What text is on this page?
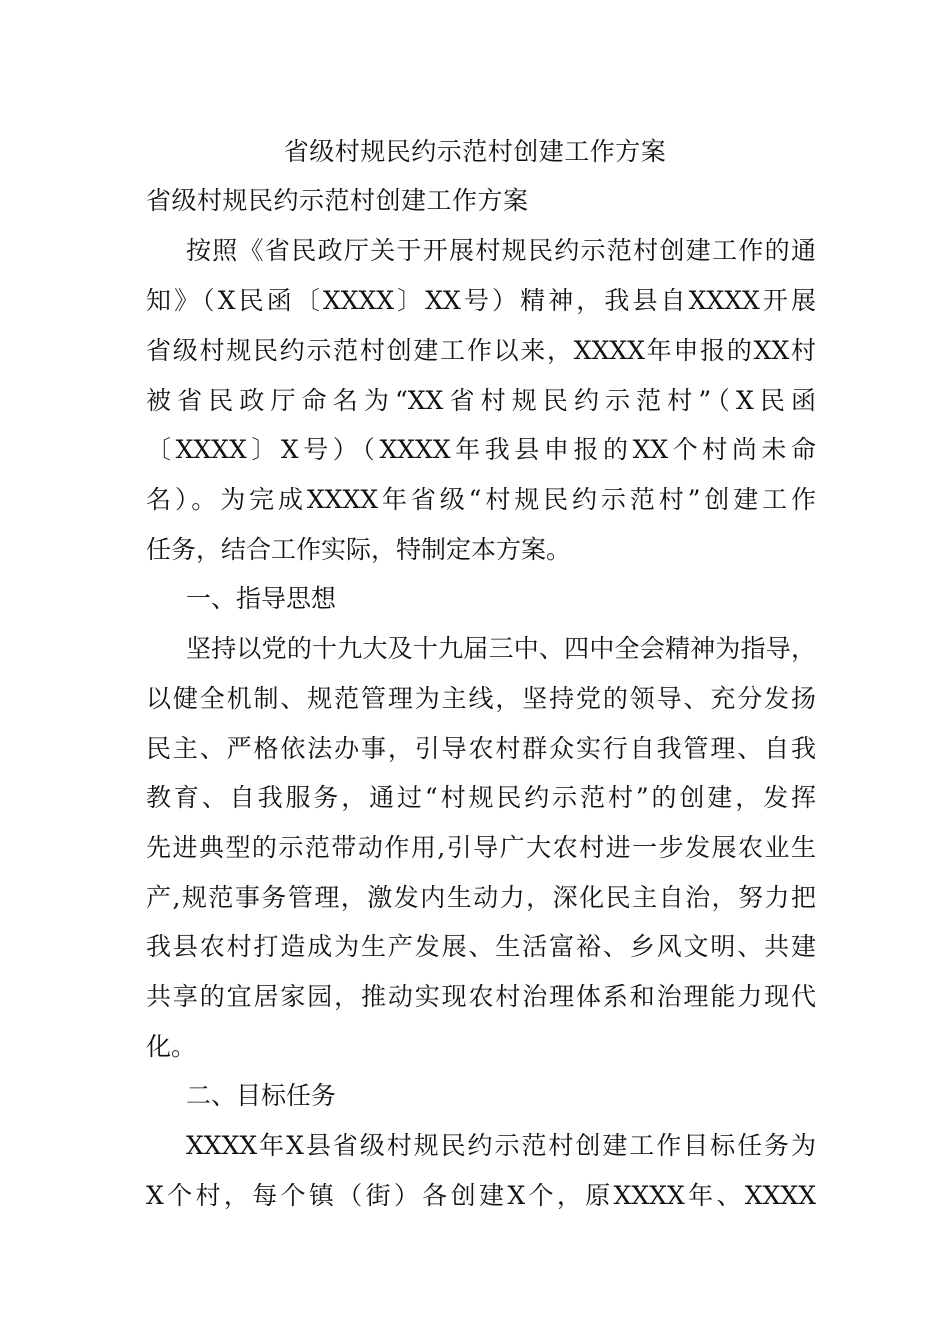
省级村规民约示范村创建工作方案
省级村规民约示范村创建工作方案
按照《省民政厅关于开展村规民约示范村创建工作的通
知》（X民函〔XXXX〕XX号）精神，我县自XXXX开展
省级村规民约示范村创建工作以来，XXXX年申报的XX村
被省民政厅命名为“XX省村规民约示范村”（X民函
〔XXXX〕X号）（XXXX年我县申报的XX个村尚未命
名）。为完成XXXX年省级“村规民约示范村”创建工作
任务，结合工作实际，特制定本方案。
一、指导思想
坚持以党的十九大及十九届三中、四中全会精神为指导，
以健全机制、规范管理为主线，坚持党的领导、充分发扬
民主、严格依法办事，引导农村群众实行自我管理、自我
教育、自我服务，通过“村规民约示范村”的创建，发挥
先进典型的示范带动作用,引导广大农村进一步发展农业生
产,规范事务管理，激发内生动力，深化民主自治，努力把
我县农村打造成为生产发展、生活富裕、乡风文明、共建
共享的宜居家园，推动实现农村治理体系和治理能力现代
化。
二、目标任务
XXXX年X县省级村规民约示范村创建工作目标任务为
X个村，每个镇（街）各创建X个，原XXXX年、XXXX
